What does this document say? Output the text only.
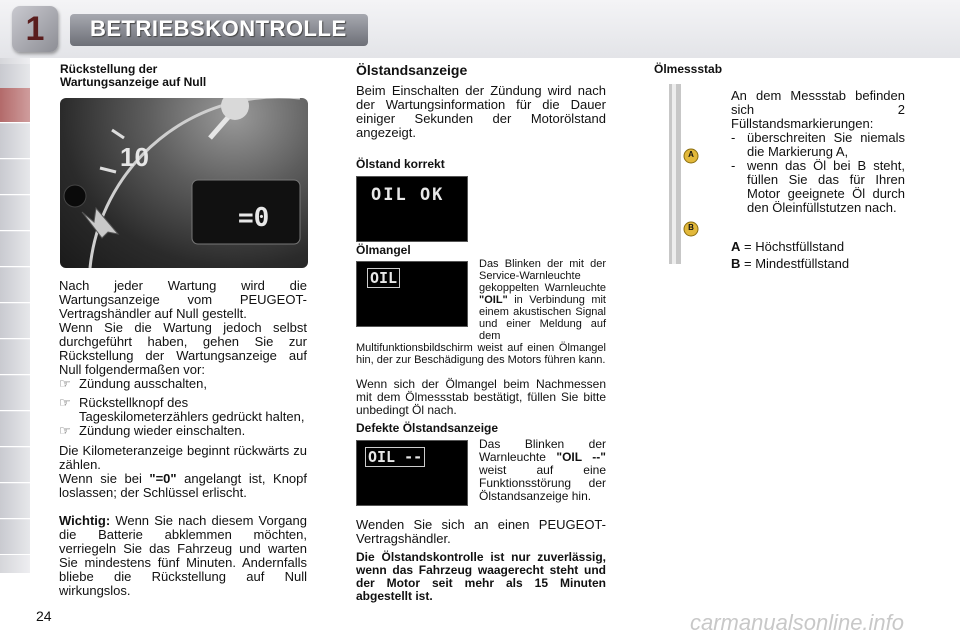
1	BETRIEBSKONTROLLE
Rückstellung der
Wartungsanzeige auf Null
10
=0
Nach jeder Wartung wird die Wartungsanzeige vom PEUGEOT-Vertragshändler auf Null gestellt.
Wenn Sie die Wartung jedoch selbst durchgeführt haben, gehen Sie zur Rückstellung der Wartungsanzeige auf Null folgendermaßen vor:
☞ Zündung ausschalten,
☞ Rückstellknopf des Tageskilometerzählers gedrückt halten,
☞ Zündung wieder einschalten.
Die Kilometeranzeige beginnt rückwärts zu zählen.
Wenn sie bei "=0" angelangt ist, Knopf loslassen; der Schlüssel erlischt.
Wichtig: Wenn Sie nach diesem Vorgang die Batterie abklemmen möchten, verriegeln Sie das Fahrzeug und warten Sie mindestens fünf Minuten. Andernfalls bliebe die Rückstellung auf Null wirkungslos.
Ölstandsanzeige
Beim Einschalten der Zündung wird nach der Wartungsinformation für die Dauer einiger Sekunden der Motorölstand angezeigt.
Ölstand korrekt
OIL OK
Ölmangel
OIL
Das Blinken der mit der Service-Warnleuchte gekoppelten Warnleuchte "OIL" in Verbindung mit einem akustischen Signal und einer Meldung auf dem Multifunktionsbildschirm weist auf einen Ölmangel hin, der zur Beschädigung des Motors führen kann.
Wenn sich der Ölmangel beim Nachmessen mit dem Ölmessstab bestätigt, füllen Sie bitte unbedingt Öl nach.
Defekte Ölstandsanzeige
OIL --
Das Blinken der Warnleuchte "OIL --" weist auf eine Funktionsstörung der Ölstandsanzeige hin.
Wenden Sie sich an einen PEUGEOT-Vertragshändler.
Die Ölstandskontrolle ist nur zuverlässig, wenn das Fahrzeug waagerecht steht und der Motor seit mehr als 15 Minuten abgestellt ist.
Ölmessstab
A
B
An dem Messstab befinden sich 2 Füllstandsmarkierungen:
- überschreiten Sie niemals die Markierung A,
- wenn das Öl bei B steht, füllen Sie das für Ihren Motor geeignete Öl durch den Öleinfüllstutzen nach.
A = Höchstfüllstand
B = Mindestfüllstand
24	carmanualsonline.info
